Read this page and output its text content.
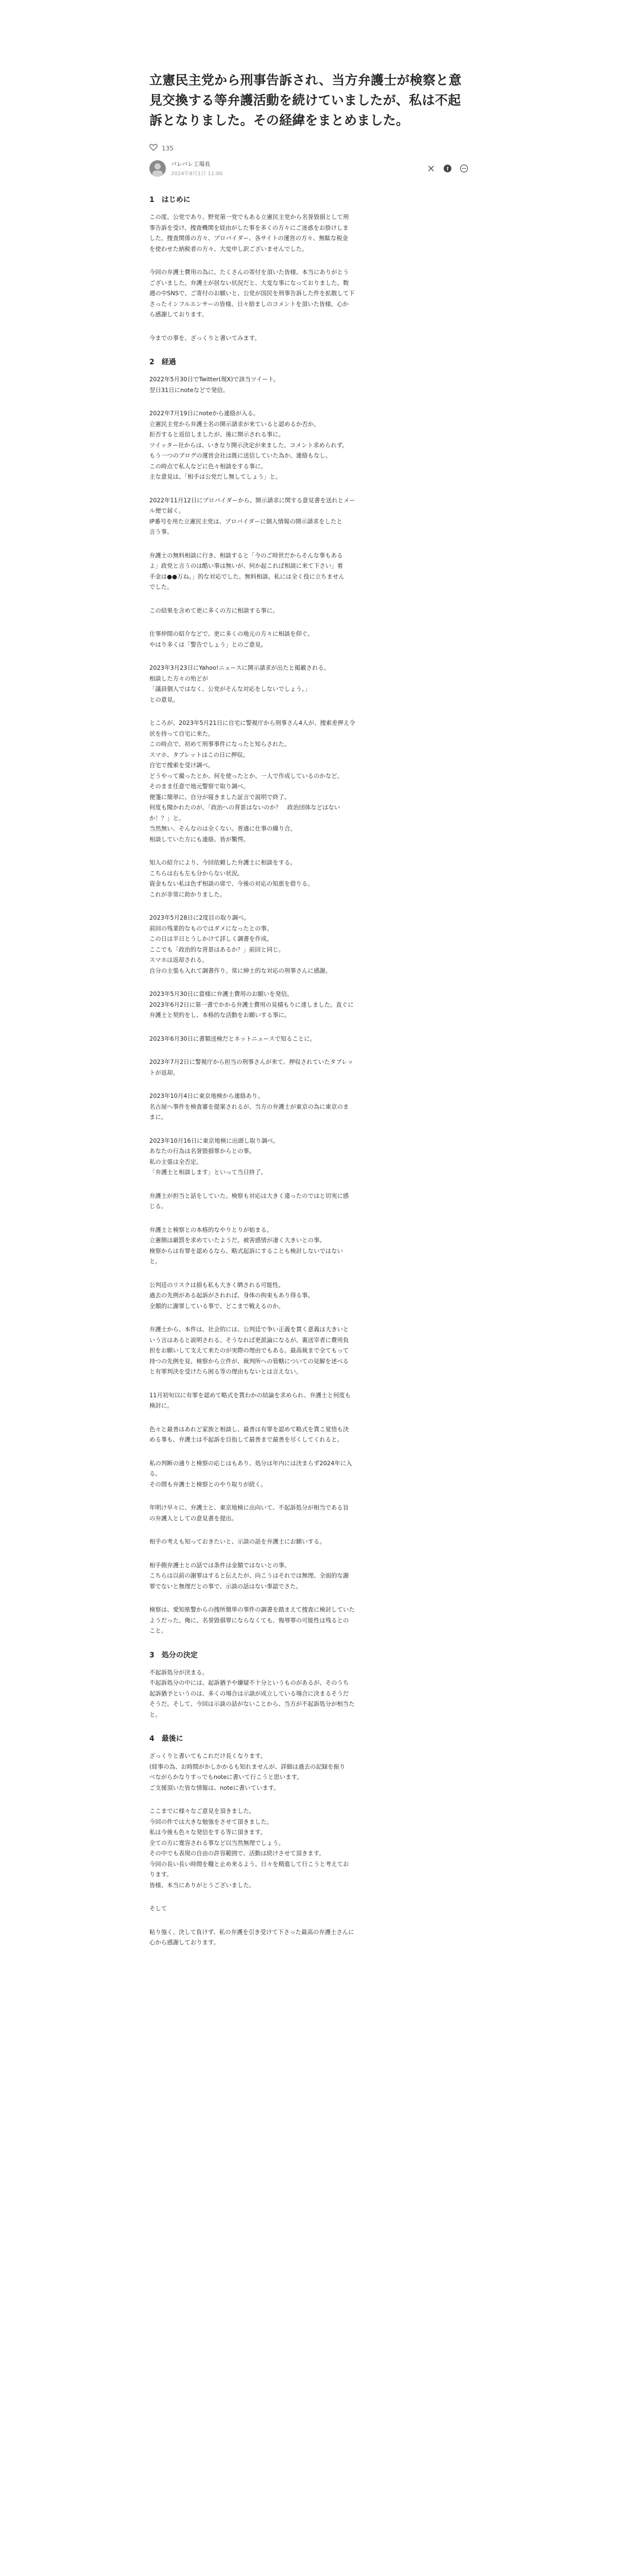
立憲民主党から刑事告訴され、当方弁護士が検察と意見交換する等弁護活動を続けていましたが、私は不起訴となりました。その経緯をまとめました。
135
バレバレ工場長
2024年8月1日 11:00
f
1　はじめに
この度、公党であり、野党第一党でもある立憲民主党から名誉毀損として刑
事告訴を受け、捜査機関を経由がした事を多くの方々にご迷惑をお掛けしま
した。捜査関係の方々、プロバイダー、各サイトの運営の方々、無駄な税金
を使わせた納税者の方々、大変申し訳ございませんでした。
今回の弁護士費用の為に、たくさんの寄付を頂いた皆様、本当にありがとう
ございました。弁護士が居ない状況だと、大変な事になっておりました。数
週の中SNSで、ご寄付のお願いと、公党が国民を刑事告訴した件を拡散して下
さったインフルエンサーの皆様、日々励ましのコメントを頂いた皆様、心か
ら感謝しております。
今までの事を、ざっくりと書いてみます。
2　経過
2022年5月30日でTwitter(現X)で該当ツイート。
翌日31日にnoteなどで発信。
2022年7月19日にnoteから連絡が入る。
立憲民主党から弁護士名の開示請求が来ていると認めるか否か。
拒否すると返信しましたが、後に開示される事に。
ツイッター社からは、いきなり開示決定が来ました。コメント求められず。
もう一つのブログの運営会社は既に送信していた為か、連絡もなし。
この時点で私人などに色々相談をする事に。
主な意見は、「相手は公党だし無してしょう」と。
2022年11月12日にプロバイダーから、開示請求に関する意見書を送れとメー
ル便で届く。
IP番号を用た立憲民主党は、プロバイダーに個人情報の開示請求をしたと
言う事。
弁護士の無料相談に行き、相談すると「今のご時世だからそんな事もある
よ」政党と言うのは酷い事は無いが、何か起これば相談に来て下さい」着
手金は●●万ね。」的な対応でした。無料相談、私には全く役に立ちません
でした。
この結果を含めて更に多くの方に相談する事に。
仕事仲間の紹介などで、更に多くの地元の方々に相談を仰ぐ。
やはり多くは「警告でしょう」とのご意見。
2023年3月23日にYahoo!ニュースに開示請求が出たと掲載される。
相談した方々の殆どが
「議員個人ではなく、公党がそんな対応をしないでしょう。」
との意見。
ところが、2023年5月21日に自宅に警視庁から刑事さん4人が、捜索差押え令
状を持って自宅に来た。
この時点で、初めて刑事事件になったと知らされた。
スマホ、タブレットはこの日に押収。
自宅で捜索を受け調べ。
どうやって撮ったとか、何を使ったとか、一人で作成しているのかなど。
そのまま任意で地元警察で取り調べ。
便箋に簡単に、自分が寝きました証言で説明で終了。
何度も聞かれたのが、「政治への背景はないのか？　政治団体などはない
か！？」と。
当然無い、そんなのは全くない。普通に仕事の繰り合。
相談していた方にも連絡、皆が驚愕。
知人の紹介により、今回依頼した弁護士に相談をする。
こちらは右も左も分からない状況。
資金もない私は色ず相談の席で、今後の対応の知恵を借りる。
これが非常に助かりました。
2023年5月28日に2度目の取り調べ。
前回の残業的なものではダメになったとの事。
この日は半日とうしかけて詳しく調書を作成。
ここでも「政治的な背景はあるか？」前回と同じ。
スマホは返却される。
自分の主張も入れて調書作り。常に紳士的な対応の刑事さんに感謝。
2023年5月30日に當様に弁護士費用のお願いを発信。
2023年6月2日に第一書でかかる弁護士費用の見積もりに達しました。直ぐに
弁護士と契約をし、本格的な活動をお願いする事に。
2023年6月30日に書類送検だとネットニュースで知ることに。
2023年7月2日に警視庁から担当の刑事さんが来て、押収されていたタブレッ
トが返却。
2023年10月4日に東京地検から連絡あり。
名古屋へ事件を検査審を提案されるが、当方の弁護士が東京の為に東京のま
まに。
2023年10月16日に東京地検に出頭し取り調べ。
あなたの行為は名誉毀損罪からとの事。
私の主張は全否定。
「弁護士と相談します」といって当日終了。
弁護士が担当と話をしていた。検察も対応は大きく違ったのではと切実に感
じる。
弁護士と検察との本格的なやりとりが始まる。
立憲側は厳罰を求めていたようだ。被害感情が凄く大きいとの事。
検察からは有罪を認めるなら、略式起訴にすることも検討しないではない
と。
公判廷のリスクは損も私も大きく晒される可能性。
過去の先例がある起訴がされれば、身体の拘束もあり得る事。
全額的に謝罪している事で、どこまで戦えるのか。
弁護士から、本件は、社会的には、公判廷で争い正義を貫く意義は大きいと
いう言はあると説明される。そうなれば更派論になるが、裏送宰者に費用負
担をお願いして支えて来たのが実際の理由でもある。最高裁まで全てもって
持つの先例を見、検察から立件が、裁判所への管轄についての見解を述べる
と有罪判決を受けたら困る等の理由もないとは言えない。
11月初旬以に有罪を認めて略式を貰わかの結論を求められ、弁護士と何度も
検討に。
色々と最善はあれど家族と相談し、最善は有罪を認めて略式を貰こ覚悟も決
める事も、弁護士は不起訴を目指して最善まで最善を尽くしてくれると。
私の判断の通りと検察の応じはもあり、処分は年内には決まらず2024年に入
る。
その間も弁護士と検察とのやり取りが続く。
年明け早々に、弁護士と、東京地検に出向いて、不起訴処分が相当である旨
の弁護人としての意見書を提出。
相手の考えも知っておきたいと、示談の話を弁護士にお願いする。
相手側弁護士との話では条件は金額ではないとの事。
こちらは以前の謝罪はすると伝えたが、向こうはそれでは無理、全面的な謝
罪でないと無理だとの事で、示談の話はない事認でさた。
検察は、愛知県警からの捜所簡単の事件の調書を踏まえて捜査に検討していた
ようだった。俺に、名誉毀損罪にならなくても、悔辱罪の可能性は残るとの
こと。
3　処分の決定
不起訴処分が決まる。
不起訴処分の中には、起訴猶予や嫌疑不十分というものがあるが、そのうち
起訴猶予というのは、多くの場合は示談が成立している場合に決まるそうだ
そうだ。そして、今回は示談の話がないことから、当方が不起訴処分が相当た
と。
4　最後に
ざっくりと書いてもこれだけ長くなります。
(経事の為、お時間がかしかかるも知れませんが、詳細は過去の記録を振り
ベながらかなりすっでもnoteに書いて行こうと思います。
ご支援頂いた皆な情報は、noteに書いています。
ここまでに様々なご意見を頂きました。
今回の件では大きな勉強をさせて頂きました。
私は今後も色々な発信をする等に頂きます。
全ての方に寛容される事など以当然無理でしょう。
その中でも表現の自由の許容範囲で、活動は続けさせて頂きます。
今回の長い長い時間を糧と止め来るよう、日々を精進して行こうと考えてお
ります。
皆様、本当にありがとうございました。
そして
粘り強く、決して負けず、私の弁護を引き受けて下さった最高の弁護士さんに
心から感謝しております。
